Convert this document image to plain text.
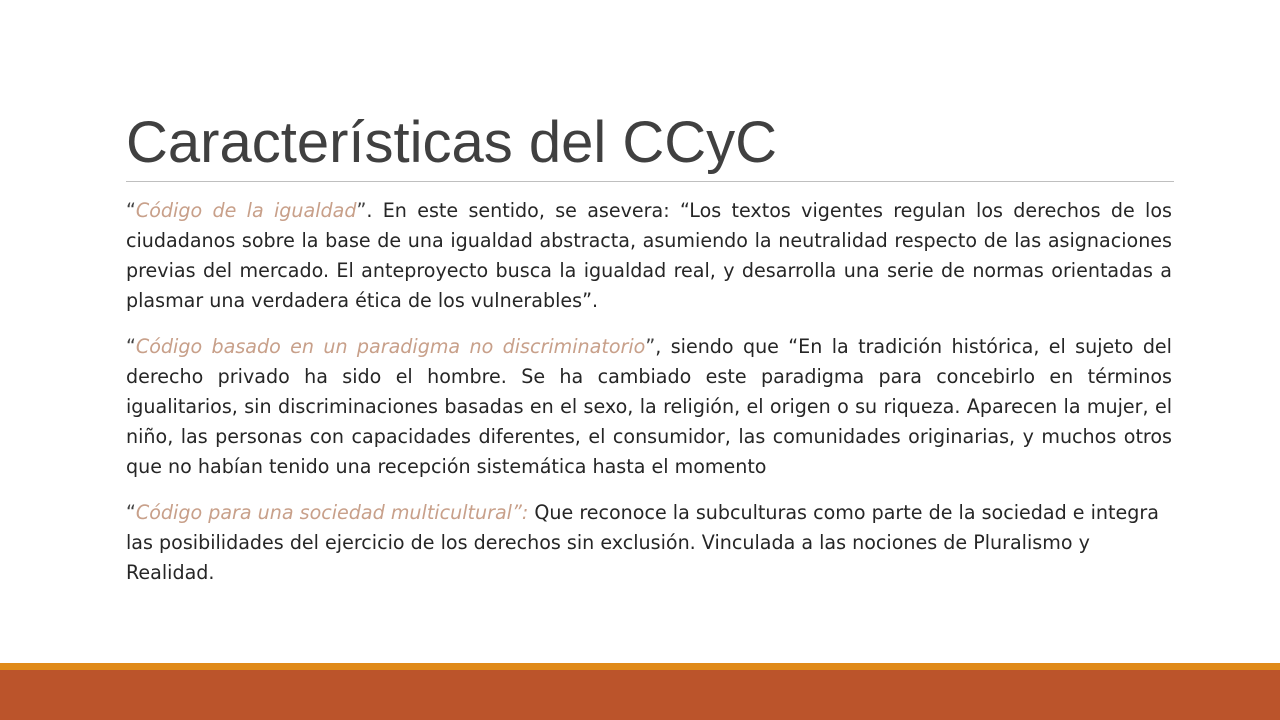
Características del CCyC

“Código de la igualdad”. En este sentido, se asevera: “Los textos vigentes regulan los derechos de los ciudadanos sobre la base de una igualdad abstracta, asumiendo la neutralidad respecto de las asignaciones previas del mercado. El anteproyecto busca la igualdad real, y desarrolla una serie de normas orientadas a plasmar una verdadera ética de los vulnerables”.

“Código basado en un paradigma no discriminatorio”, siendo que “En la tradición histórica, el sujeto del derecho privado ha sido el hombre. Se ha cambiado este paradigma para concebirlo en términos igualitarios, sin discriminaciones basadas en el sexo, la religión, el origen o su riqueza. Aparecen la mujer, el niño, las personas con capacidades diferentes, el consumidor, las comunidades originarias, y muchos otros que no habían tenido una recepción sistemática hasta el momento

“Código para una sociedad multicultural”: Que reconoce la subculturas como parte de la sociedad e integra las posibilidades del ejercicio de los derechos sin exclusión. Vinculada a las nociones de Pluralismo y Realidad.
